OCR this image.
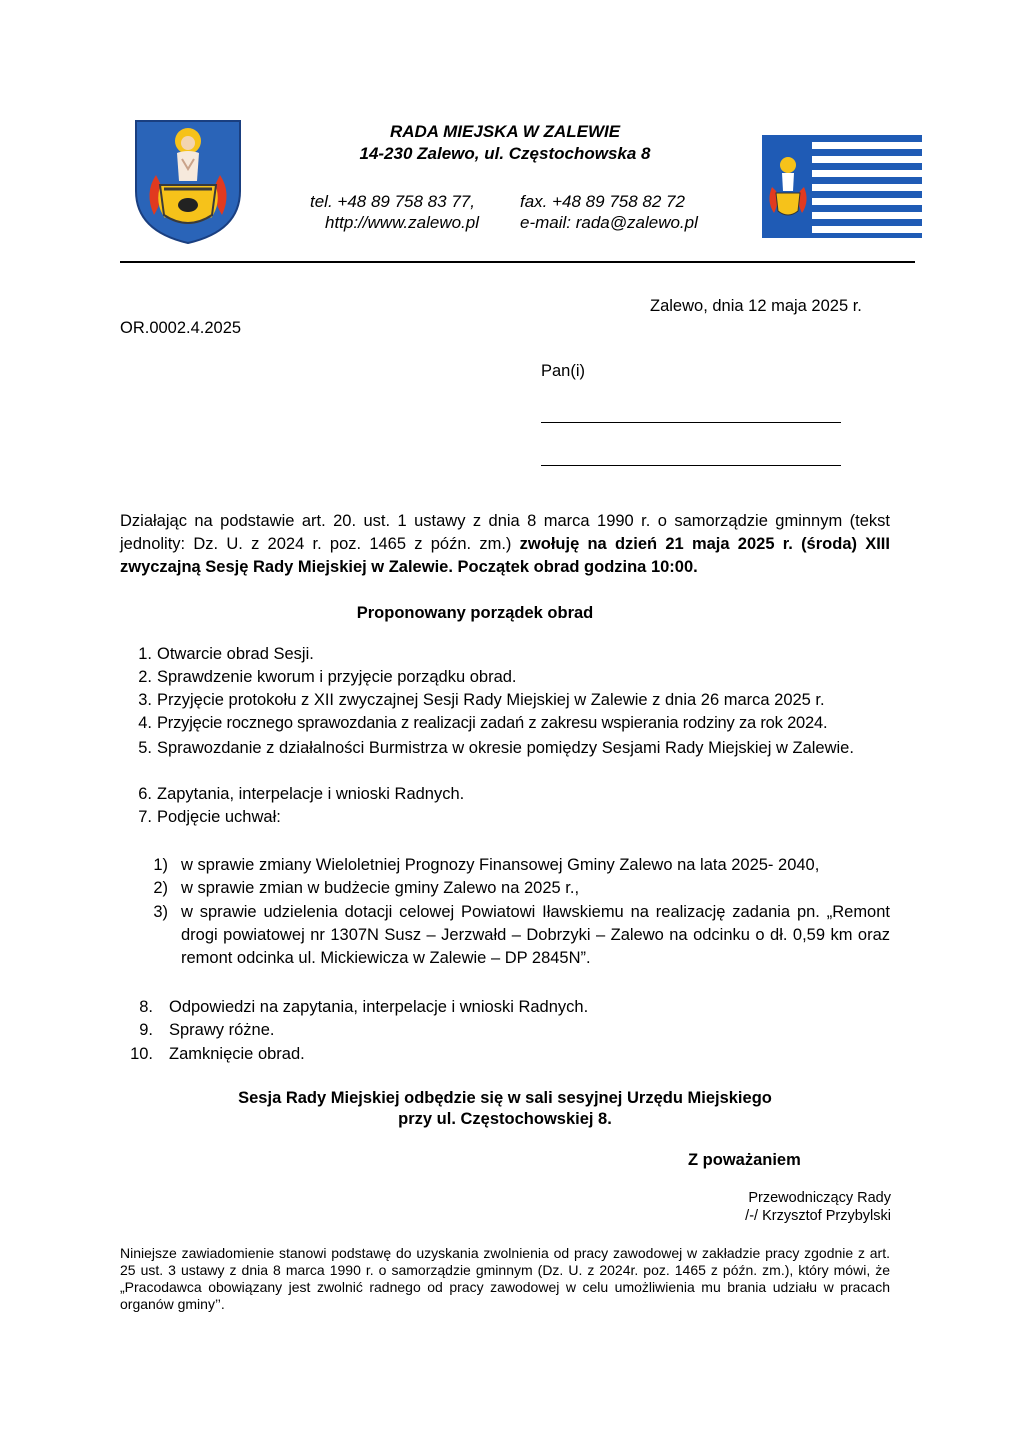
RADA MIEJSKA W ZALEWIE
14-230 Zalewo, ul. Częstochowska 8
tel. +48 89 758 83 77,	fax. +48 89 758 82 72
http://www.zalewo.pl e-mail: rada@zalewo.pl
Zalewo, dnia 12 maja 2025 r.
OR.0002.4.2025
Pan(i)
Działając na podstawie art. 20. ust. 1 ustawy z dnia 8 marca 1990 r. o samorządzie gminnym (tekst jednolity: Dz. U. z 2024 r. poz. 1465 z późn. zm.) zwołuję na dzień 21 maja 2025 r. (środa) XIII zwyczajną Sesję Rady Miejskiej w Zalewie. Początek obrad godzina 10:00.
Proponowany porządek obrad
1. Otwarcie obrad Sesji.
2. Sprawdzenie kworum i przyjęcie porządku obrad.
3. Przyjęcie protokołu z XII zwyczajnej Sesji Rady Miejskiej w Zalewie z dnia 26 marca 2025 r.
4. Przyjęcie rocznego sprawozdania z realizacji zadań z zakresu wspierania rodziny za rok 2024.
5. Sprawozdanie z działalności Burmistrza w okresie pomiędzy Sesjami Rady Miejskiej w Zalewie.
6. Zapytania, interpelacje i wnioski Radnych.
7. Podjęcie uchwał:
1) w sprawie zmiany Wieloletniej Prognozy Finansowej Gminy Zalewo na lata 2025- 2040,
2) w sprawie zmian w budżecie gminy Zalewo na 2025 r.,
3) w sprawie udzielenia dotacji celowej Powiatowi Iławskiemu na realizację zadania pn. „Remont drogi powiatowej nr 1307N Susz – Jerzwałd – Dobrzyki – Zalewo na odcinku o dł. 0,59 km oraz remont odcinka ul. Mickiewicza w Zalewie – DP 2845N”.
8. Odpowiedzi na zapytania, interpelacje i wnioski Radnych.
9. Sprawy różne.
10. Zamknięcie obrad.
Sesja Rady Miejskiej odbędzie się w sali sesyjnej Urzędu Miejskiego
przy ul. Częstochowskiej 8.
Z poważaniem
Przewodniczący Rady
/-/ Krzysztof Przybylski
Niniejsze zawiadomienie stanowi podstawę do uzyskania zwolnienia od pracy zawodowej w zakładzie pracy zgodnie z art. 25 ust. 3 ustawy z dnia 8 marca 1990 r. o samorządzie gminnym (Dz. U. z 2024r. poz. 1465 z późn. zm.), który mówi, że „Pracodawca obowiązany jest zwolnić radnego od pracy zawodowej w celu umożliwienia mu brania udziału w pracach organów gminy’’.
